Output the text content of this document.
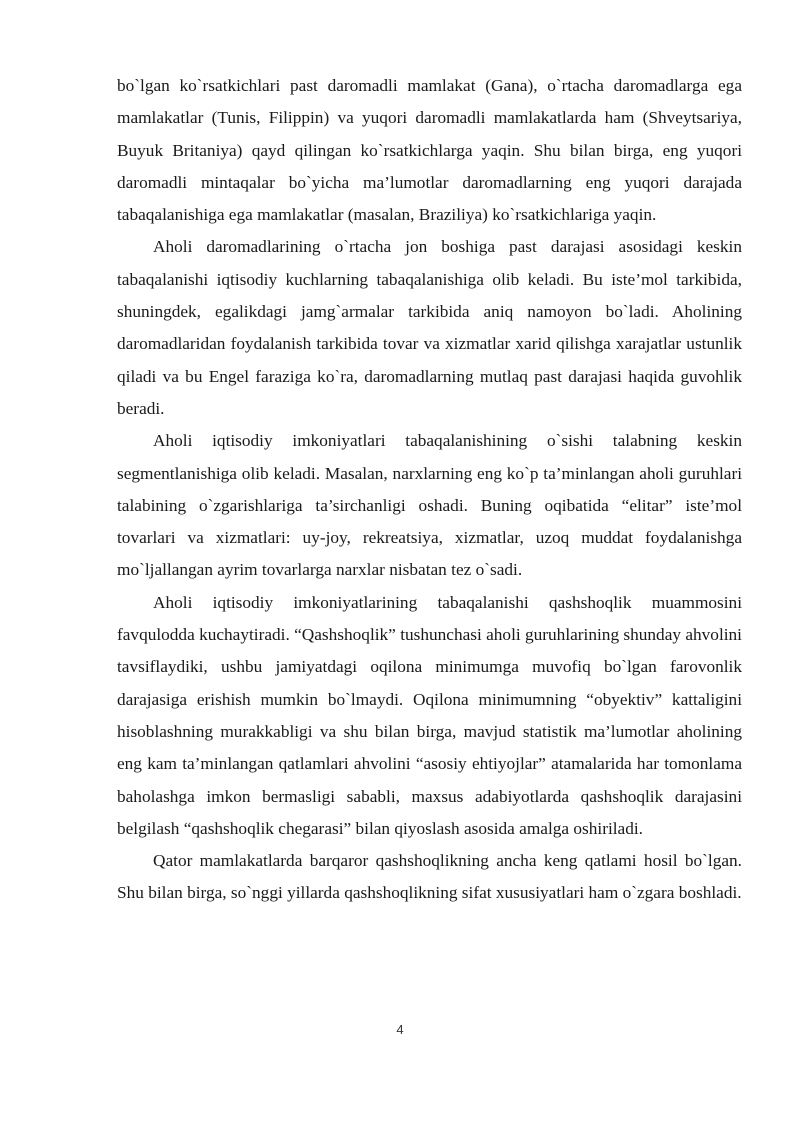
bo`lgan ko`rsatkichlari past daromadli mamlakat (Gana), o`rtacha daromadlarga ega mamlakatlar (Tunis, Filippin) va yuqori daromadli mamlakatlarda ham (Shveytsariya, Buyuk Britaniya) qayd qilingan ko`rsatkichlarga yaqin. Shu bilan birga, eng yuqori daromadli mintaqalar bo`yicha ma’lumotlar daromadlarning eng yuqori darajada tabaqalanishiga ega mamlakatlar (masalan, Braziliya) ko`rsatkichlariga yaqin.

Aholi daromadlarining o`rtacha jon boshiga past darajasi asosidagi keskin tabaqalanishi iqtisodiy kuchlarning tabaqalanishiga olib keladi. Bu iste’mol tarkibida, shuningdek, egalikdagi jamg`armalar tarkibida aniq namoyon bo`ladi. Aholining daromadlaridan foydalanish tarkibida tovar va xizmatlar xarid qilishga xarajatlar ustunlik qiladi va bu Engel faraziga ko`ra, daromadlarning mutlaq past darajasi haqida guvohlik beradi.

Aholi iqtisodiy imkoniyatlari tabaqalanishining o`sishi talabning keskin segmentlanishiga olib keladi. Masalan, narxlarning eng ko`p ta’minlangan aholi guruhlari talabining o`zgarishlariga ta’sirchanligi oshadi. Buning oqibatida “elitar” iste’mol tovarlari va xizmatlari: uy-joy, rekreatsiya, xizmatlar, uzoq muddat foydalanishga mo`ljallangan ayrim tovarlarga narxlar nisbatan tez o`sadi.

Aholi iqtisodiy imkoniyatlarining tabaqalanishi qashshoqlik muammosini favqulodda kuchaytiradi. “Qashshoqlik” tushunchasi aholi guruhlarining shunday ahvolini tavsiflaydiki, ushbu jamiyatdagi oqilona minimumga muvofiq bo`lgan farovonlik darajasiga erishish mumkin bo`lmaydi. Oqilona minimumning “obyektiv” kattaligini hisoblashning murakkabligi va shu bilan birga, mavjud statistik ma’lumotlar aholining eng kam ta’minlangan qatlamlari ahvolini “asosiy ehtiyojlar” atamalarida har tomonlama baholashga imkon bermasligi sababli, maxsus adabiyotlarda qashshoqlik darajasini belgilash “qashshoqlik chegarasi” bilan qiyoslash asosida amalga oshiriladi.

Qator mamlakatlarda barqaror qashshoqlikning ancha keng qatlami hosil bo`lgan. Shu bilan birga, so`nggi yillarda qashshoqlikning sifat xususiyatlari ham o`zgara boshladi.

4
